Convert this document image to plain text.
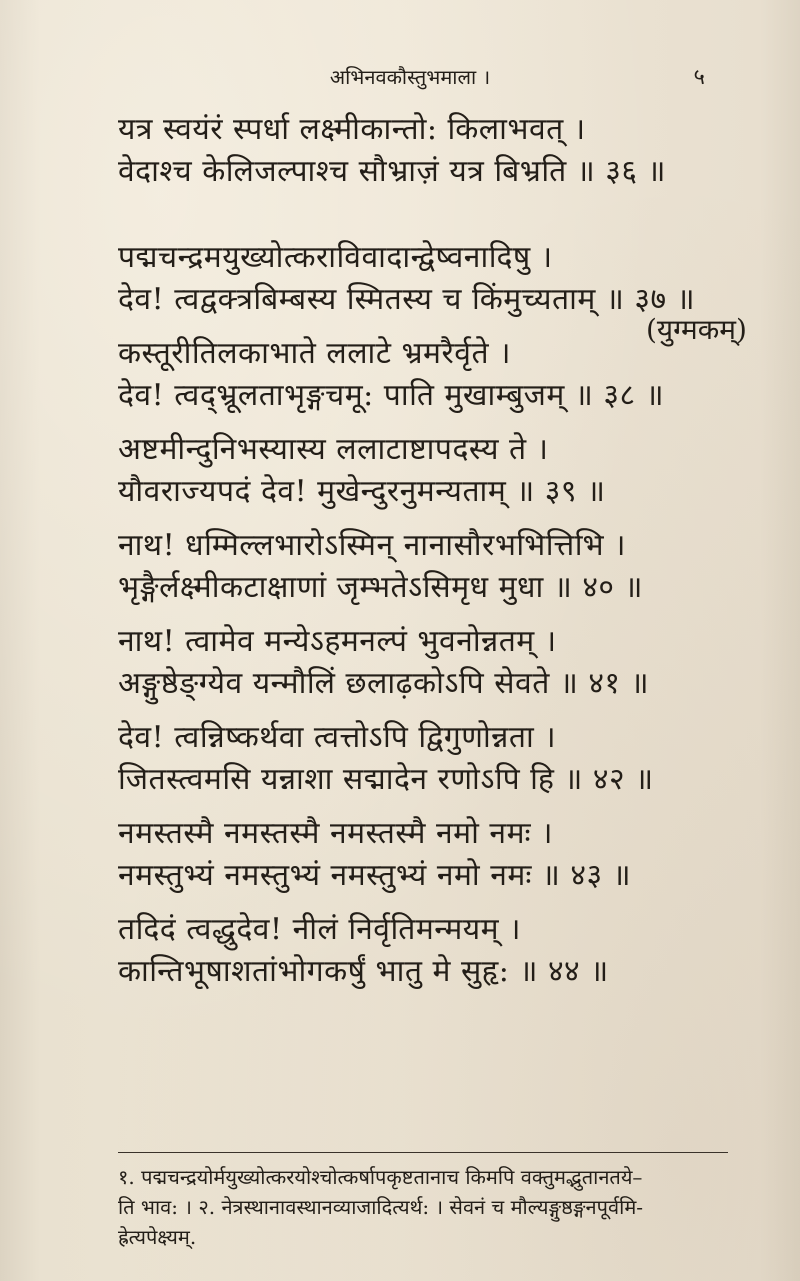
अभिनवकौस्तुभमाला ।	५
यत्र स्वयंरं स्पर्धा लक्ष्मीकान्तो: किलाभवत् ।
वेदाश्च केलिजल्पाश्च सौभ्राज़ं यत्र बिभ्रति ॥ ३६ ॥
(युग्मकम्)
पद्मचन्द्रमयुख्योत्कराविवादान्द्वेष्वनादिषु ।
देव! त्वद्वक्त्रबिम्बस्य स्मितस्य च किंमुच्यताम् ॥ ३७ ॥
कस्तूरीतिलकाभाते ललाटे भ्रमरैर्वृते ।
देव! त्वद्भ्रूलताभृङ्गचमू: पाति मुखाम्बुजम् ॥ ३८ ॥
अष्टमीन्दुनिभस्यास्य ललाटाष्टापदस्य ते ।
यौवराज्यपदं देव! मुखेन्दुरनुमन्यताम् ॥ ३९ ॥
नाथ! धम्मिल्लभारोऽस्मिन् नानासौरभभित्तिभि ।
भृङ्गैर्लक्ष्मीकटाक्षाणां जृम्भतेऽसिमृध मुधा ॥ ४० ॥
नाथ! त्वामेव मन्येऽहमनल्पं भुवनोन्नतम् ।
अङ्गुष्ठेङ्ग्येव यन्मौलिं छलाढ़कोऽपि सेवते ॥ ४१ ॥
देव! त्वन्निष्कर्थवा त्वत्तोऽपि द्विगुणोन्नता ।
जितस्त्वमसि यन्नाशा सद्मादेन रणोऽपि हि ॥ ४२ ॥
नमस्तस्मै नमस्तस्मै नमस्तस्मै नमो नमः ।
नमस्तुभ्यं नमस्तुभ्यं नमस्तुभ्यं नमो नमः ॥ ४३ ॥
तदिदं त्वद्धुदेव! नीलं निर्वृतिमन्मयम् ।
कान्तिभूषाशतांभोगकर्षुं भातु मे सुहृ: ॥ ४४ ॥

१. पद्मचन्द्रयोर्मयुख्योत्करयोश्चोत्कर्षापकृष्टतानाच किमपि वक्तुमद्भुतानतये–

ति भाव: । २. नेत्रस्थानावस्थानव्याजादित्यर्थ: । सेवनं च मौल्यङ्गुष्ठङ्गनपूर्वमि-

ह्रेत्यपेक्ष्यम्.
